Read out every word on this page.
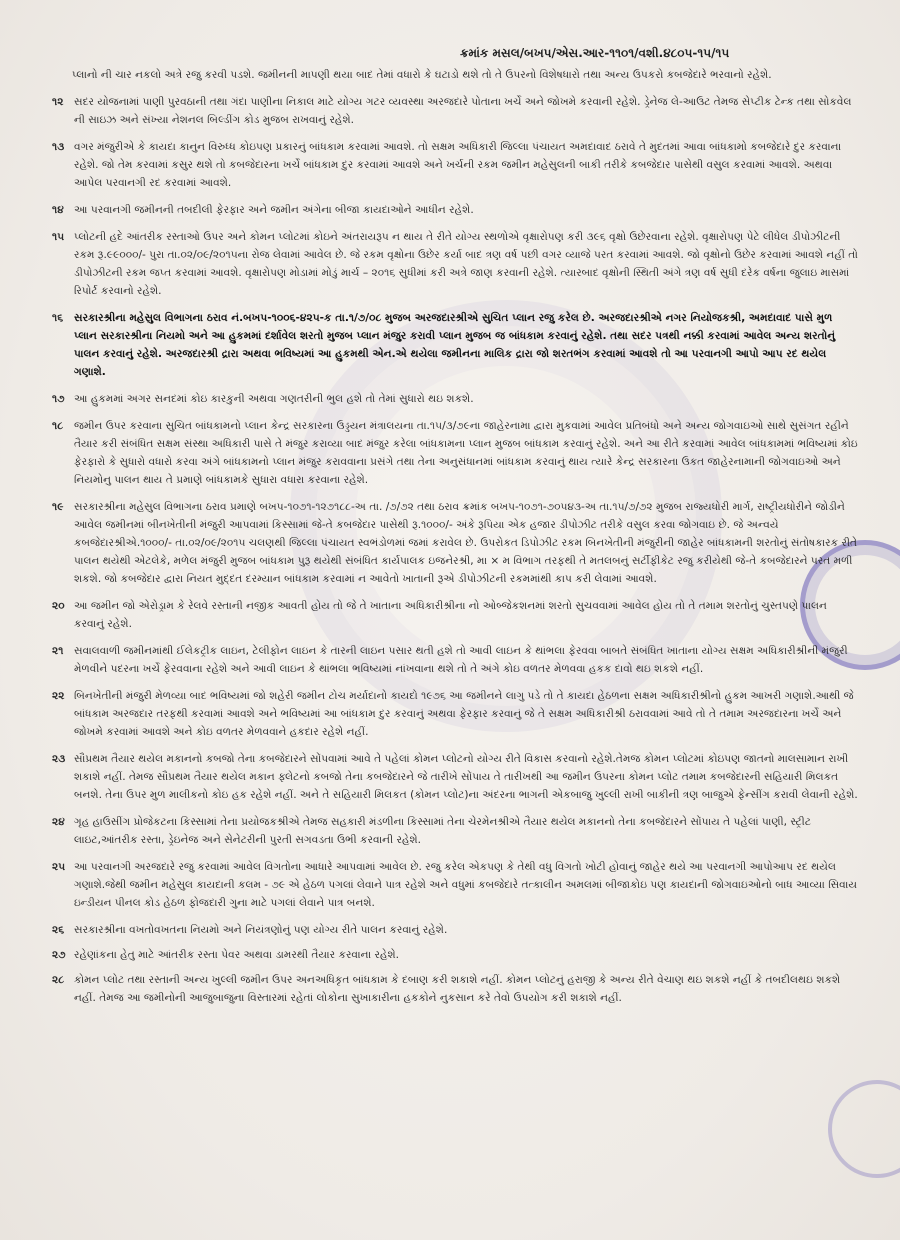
ક્રમાંક મસલ/બખપ/એસ.આર-૧૧૦૧/વશી.૪૮૦૫-૧૫/૧૫

પ્લાનો ની ચાર નકલો અત્રે રજુ કરવી પડશે. જમીનની માપણી થયા બાદ તેમાં વધારો કે ઘટાડો થશે તો તે ઉપરનો વિશેષધારો તથા અન્ય ઉપકરો કબજેદારે ભરવાનો રહેશે.

૧૨ સદર યોજનામાં પાણી પુરવઠાની તથા ગંદા પાણીના નિકાલ માટે યોગ્ય ગટર વ્યવસ્થા અરજદારે પોતાના ખર્ચે અને જોખમે કરવાની રહેશે. ડ્રેનેજ લે-આઉટ તેમજ સેપ્ટીક ટેન્ક તથા સોકવેલ ની સાઇઝ અને સંખ્યા નેશનલ બિલ્ડીંગ કોડ મુજબ રાખવાનું રહેશે.
૧૩ વગર મંજુરીએ કે કાયદા કાનુન વિરુધ્ધ કોઇપણ પ્રકારનું બાંધકામ કરવામાં આવશે. તો સક્ષમ અધિકારી જિલ્લા પંચાયત અમદાવાદ ઠરાવે તે મુદતમાં આવા બાંધકામો કબજેદારે દુર કરવાના રહેશે. જો તેમ કરવામાં કસુર થશે તો કબજેદારના ખર્ચે બાંધકામ દુર કરવામાં આવશે અને ખર્ચની રકમ જમીન મહેસુલની બાકી તરીકે કબજેદાર પાસેથી વસુલ કરવામાં આવશે. અથવા આપેલ પરવાનગી રદ કરવામાં આવશે.
૧૪ આ પરવાનગી જમીનની તબદીલી ફેરફાર અને જમીન અંગેના બીજા કાયદાઓને આધીન રહેશે.
૧૫ પ્લોટની હદે આંતરીક રસ્તાઓ ઉપર અને કોમન પ્લોટમાં કોઇને અંતરાયરૂપ ન થાય તે રીતે યોગ્ય સ્થળોએ વૃક્ષારોપણ કરી ૩૯૬ વૃક્ષો ઉછેરવાના રહેશે. વૃક્ષારોપણ પેટે લીધેલ ડીપોઝીટની રકમ રૂ.૯૯૦૦૦/- પુરા તા.૦૨/૦૯/૨૦૧૫ના રોજ લેવામાં આવેલ છે. જે રકમ વૃક્ષોના ઉછેર કર્યા બાદ ત્રણ વર્ષ પછી વગર વ્યાજે પરત કરવામાં આવશે. જો વૃક્ષોનો ઉછેર કરવામાં આવશે નહીં તો ડીપોઝીટની રકમ જપ્ત કરવામાં આવશે. વૃક્ષારોપણ મોડામાં મોડું માર્ચ – ૨૦૧૬ સુધીમાં કરી અત્રે જાણ કરવાની રહેશે. ત્યારબાદ વૃક્ષોની સ્થિતી અંગે ત્રણ વર્ષ સુધી દરેક વર્ષના જુલાઇ માસમાં રિપોર્ટ કરવાનો રહેશે.
૧૬	સરકારશ્રીના મહેસુલ વિભાગના ઠરાવ નં.બખપ-૧૦૦૬-૪૨૫-ક તા.૧/૭/૦૮ મુજબ અરજદારશ્રીએ સુચિત પ્લાન રજુ કરેલ છે. અરજદારશ્રીએ નગર નિયોજકશ્રી, અમદાવાદ પાસે મુળ પ્લાન સરકારશ્રીના નિયમો અને આ હુકમમાં દર્શાવેલ શરતો મુજબ પ્લાન મંજુર કરાવી પ્લાન મુજબ જ બાંધકામ કરવાનું રહેશે. તથા સદર પત્રથી નક્કી કરવામાં આવેલ અન્ય શરતોનું પાલન કરવાનું રહેશે. અરજદારશ્રી દ્રારા અથવા ભવિષ્યમાં આ હુકમથી એન.એ થયેલા જમીનના માલિક દ્રારા જો શરતભંગ કરવામાં આવશે તો આ પરવાનગી આપો આપ રદ થયેલ ગણાશે.
૧૭ આ હુકમમાં અગર સનદમાં કોઇ કારકુની અથવા ગણતરીની ભુલ હશે તો તેમાં સુધારો થઇ શકશે.
૧૮	જમીન ઉપર કરવાના સુચિત બાંધકામનો પ્લાન કેન્દ્ર સરકારના ઉડ્ડયન મંત્રાલયના તા.૧૫/૩/૭૯ના જાહેરનામા દ્વારા મુકવામાં આવેલ પ્રતિબંધો અને અન્ય જોગવાઇઓ સાથે સુસંગત રહીને તૈયાર કરી સંબંધિત સક્ષમ સંસ્થા અધિકારી પાસે તે મંજુર કરાવ્યા બાદ મંજુર કરેલા બાંધકામના પ્લાન મુજબ બાંધકામ કરવાનું રહેશે. અને આ રીતે કરવામાં આવેલ બાંધકામમાં ભવિષ્યમાં કોઇ ફેરફારો કે સુધારો વધારો કરવા અંગે બાંધકામનો પ્લાન મંજુર કરાવવાના પ્રસંગે તથા તેના અનુસંધાનમાં બાંધકામ કરવાનું થાય ત્યારે કેન્દ્ર સરકારના ઉકત જાહેરનામાની જોગવાઇઓ અને નિયમોનુ પાલન થાય તે પ્રમાણે બાંધકામકે સુધારા વધારા કરવાના રહેશે.
૧૯ સરકારશ્રીના મહેસુલ વિભાગના ઠરાવ પ્રમાણે બખપ-૧૦૭૧-૧૨૭૧૮૮-અ તા. /૭/૭૨ તથા ઠરાવ ક્રમાંક બખપ-૧૦૭૧-૭૦૫૪૩-અ તા.૧૫/૭/૭૨ મુજબ રાજ્યધોરી માર્ગ, રાષ્ટ્રીયધોરીને જોડીને આવેલ જમીનમાં બીનખેતીની મંજુરી આપવામાં કિસ્સામાં જે-તે કબજેદાર પાસેથી રૂ.૧૦૦૦/- અંકે રૂપિયા એક હજાર ડીપોઝીટ તરીકે વસુલ કરવા જોગવાઇ છે. જે અન્વયે કબજેદારશ્રીએ.૧૦૦૦/- તા.૦૨/૦૯/૨૦૧૫ ચલણથી જિલ્લા પંચાયત સ્વભંડોળમાં જમાં કરાવેલ છે. ઉપરોકત ડિપોઝીટ રકમ બિનખેતીની મંજુરીની જાહેર બાંધકામની શરતોનું સંતોષકારક રીતે પાલન થયેથી એટલેકે, મળેલ મંજુરી મુજબ બાંધકામ પુરૂ થયેથી સંબંધિત કાર્યપાલક ઇજનેરશ્રી, મા × મ વિભાગ તરફથી તે મતલબનું સર્ટીફીકેટ રજુ કરીયેથી જે-તે કબજેદારને પરત મળી શકશે. જો કબજેદાર દ્વારા નિયત મુદ્દત દરમ્યાન બાંધકામ કરવામાં ન આવેતો ખાતાની રૂએ ડીપોઝીટની રકમમાંથી કાપ કરી લેવામાં આવશે.
૨૦ આ જમીન જો એરોડ્રામ કે રેલવે રસ્તાની નજીક આવતી હોય તો જે તે ખાતાના અધિકારીશ્રીના નો ઓબ્જેકશનમાં શરતો સુચવવામાં આવેલ હોય તો તે તમામ શરતોનું ચુસ્તપણે પાલન કરવાનું રહેશે.
૨૧ સવાલવાળી જમીનમાંથી ઈલેકટ્રીક લાઇન, ટેલીફોન લાઇન કે તારની લાઇન પસાર થતી હશે તો આવી લાઇન કે થાંભલા ફેરવવા બાબતે સંબંધિત ખાતાના યોગ્ય સક્ષમ અધિકારીશ્રીની મંજુરી મેળવીને પદરના ખર્ચે ફેરવવાના રહેશે અને આવી લાઇન કે થાંભલા ભવિષ્યમાં નાંખવાના થશે તો તે અંગે કોઇ વળતર મેળવવા હકક દાવો થઇ શકશે નહીં.
૨૨ બિનખેતીની મંજુરી મેળવ્યા બાદ ભવિષ્યમાં જો શહેરી જમીન ટોચ મર્યાદાનો કાયદો ૧૯૭૬ આ જમીનને લાગુ પડે તો તે કાયદા હેઠળના સક્ષમ અધિકારીશ્રીનો હુકમ આખરી ગણાશે.આથી જે બાંધકામ અરજદાર તરફથી કરવામાં આવશે અને ભવિષ્યમાં આ બાંધકામ દુર કરવાનું અથવા ફેરફાર કરવાનું જે તે સક્ષમ અધિકારીશ્રી ઠરાવવામાં આવે તો તે તમામ અરજદારના ખર્ચે અને જોખમે કરવામાં આવશે અને કોઇ વળતર મેળવવાને હકદાર રહેશે નહીં.
૨૩ સૌપ્રથમ તૈયાર થયેલ મકાનનો કબજો તેના કબજેદારને સોંપવામાં આવે તે પહેલાં કોમન પ્લોટનો યોગ્ય રીતે વિકાસ કરવાનો રહેશે.તેમજ કોમન પ્લોટમાં કોઇપણ જાતનો માલસામાન રાખી શકાશે નહીં. તેમજ સૌપ્રથમ તૈયાર થયેલ મકાન ફ્લેટનો કબજો તેના કબજેદારને જે તારીખે સોંપાય તે તારીખથી આ જમીન ઉપરના કોમન પ્લોટ તમામ કબજેદારની સહિયારી મિલકત બનશે. તેના ઉપર મુળ માલીકનો કોઇ હક રહેશે નહીં. અને તે સહિયારી મિલકત (કોમન પ્લોટ)ના અંદરના ભાગની એકબાજુ ખુલ્લી રાખી બાકીની ત્રણ બાજુએ ફેન્સીંગ કરાવી લેવાની રહેશે.
૨૪ ગૃહ હાઉસીંગ પ્રોજેકટના કિસ્સામાં તેના પ્રયોજકશ્રીએ તેમજ સહકારી મંડળીના કિસ્સામાં તેના ચેરમેનશ્રીએ તૈયાર થયેલ મકાનનો તેના કબજેદારને સોંપાય તે પહેલાં પાણી, સ્ટ્રીટ લાઇટ,આંતરીક રસ્તા, ડ્રેઇનેજ અને સેનેટરીની પુરતી સગવડતા ઉભી કરવાની રહેશે.
૨૫ આ પરવાનગી અરજદારે રજુ કરવામાં આવેલ વિગતોના આધારે આપવામાં આવેલ છે. રજુ કરેલ એકપણ કે તેથી વધુ વિગતો ખોટી હોવાનું જાહેર થયે આ પરવાનગી આપોઆપ રદ થયેલ ગણાશે.જેથી જમીન મહેસુલ કાયદાની કલમ - ૭૯ એ હેઠળ પગલાં લેવાને પાત્ર રહેશે અને વધુમાં કબજેદારે તત્કાલીન અમલમાં બીજાકોઇ પણ કાયદાની જોગવાઇઓનો બાધ આવ્યા સિવાય ઇન્ડીયન પીનલ કોડ હેઠળ ફોજદારી ગુના માટે પગલાં લેવાને પાત્ર બનશે.
૨૬ સરકારશ્રીના વખતોવખતના નિયમો અને નિયંત્રણોનું પણ યોગ્ય રીતે પાલન કરવાનું રહેશે.
૨૭ રહેણાંકના હેતુ માટે આંતરીક રસ્તા પેવર અથવા ડામરથી તૈયાર કરવાના રહેશે.
૨૮ કોમન પ્લોટ તથા રસ્તાની અન્ય ખુલ્લી જમીન ઉપર અનઅધિકૃત બાંધકામ કે દબાણ કરી શકાશે નહીં. કોમન પ્લોટનું હરાજી કે અન્ય રીતે વેચાણ થઇ શકશે નહીં કે તબદીલથઇ શકશે નહીં. તેમજ આ જમીનોની આજુબાજુના વિસ્તારમાં રહેતાં લોકોના સુખાકારીના હકકોને નુકસાન કરે તેવો ઉપયોગ કરી શકાશે નહીં.
